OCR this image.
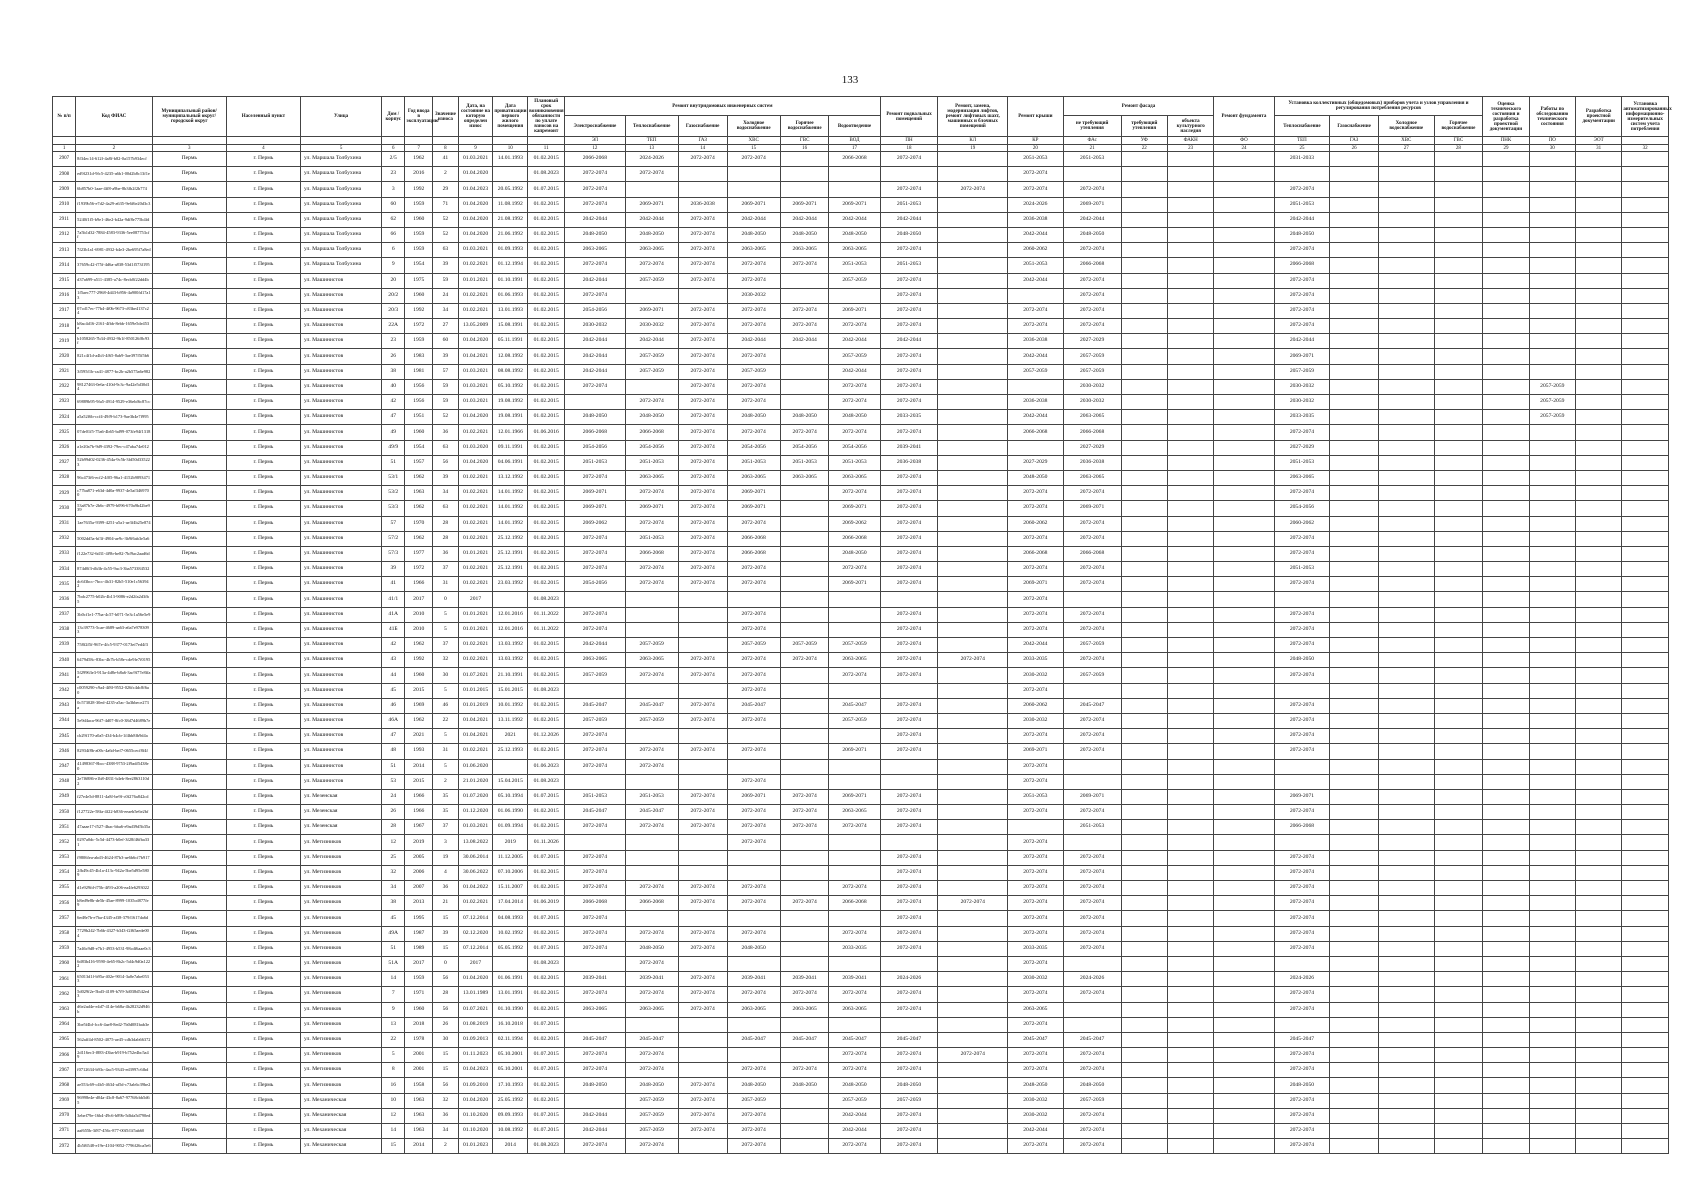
133
№ п/п	Код ФИАС	Муниципальный район/муниципальный округ/городской округ	Населенный пункт	Улица	Дом / корпус	Год ввода в эксплуатацию	Значение износа	Дата, на состояние на которую определен износ	Дата приватизации первого жилого помещения	Плановый срок возникновения обязанности по уплате взносов на капремонт	Ремонт внутридомовых инженерных систем						Ремонт подвальных помещений	Ремонт, замена, модернизация лифтов, ремонт лифтовых шахт, машинных и блочных помещений	Ремонт крыши	Ремонт фасада			Ремонт фундамента	Установка коллективных (общедомовых) приборов учета и узлов управления и регулирования потребления ресурсов				Оценка технического состояния и разработка проектной документации	Работы по обследованию технического состояния	Разработка проектной документации	Установка автоматизированных информационно-измерительных систем учета потребления
											Электроснабжение	Теплоснабжение	Газоснабжение	Холодное водоснабжение	Горячее водоснабжение	Водоотведение				не требующий утепления	требующий утепления	объекта культурного наследия		Теплоснабжение	Газоснабжение	Холодное водоснабжение	Горячее водоснабжение				

											ЭЛ	ТЕП	ГАЗ	ХВС	ГВС	ВОД	ПН	КЛ	КР	ФАс	УФ	ФАКН	ФО	ТЕП	ГАЗ	ХВС	ГВС	ПНК	ПО	ЭОТ	
1	2	3	4	5	6	7	8	9	10	11	12	13	14	15	16	17	18	19	20	21	22	23	24	25	26	27	28	29	30	31	32
2907	8f34ec14-612f-4a8f-b82-0a157b934ecf	Пермь	г. Пермь	ул. Маршала Толбухина	2/5	1962	41	01.03.2021	14.01.1993	01.02.2015	2066-2068	2024-2026	2072-2074	2072-2074		2066-2068	2072-2074		2051-2053	2051-2053				2031-2033							
2908	ed9f231d-9fc5-4235-a6b1-00d2b8c13f1e	Пермь	г. Пермь	ул. Маршала Толбухина	23	2016	2	01.04.2020		01.08.2023	2072-2074	2072-2074							2072-2074												
2909	6b857b0-1aae-4ff8-a9be-8b3fb2f2b774	Пермь	г. Пермь	ул. Маршала Толбухина	3	1992	29	01.04.2023	20.05.1992	01.07.2015	2072-2074						2072-2074	2072-2074	2072-2074	2072-2074				2072-2074							
2910	f1939b56-e7d2-4a29-a635-9e6f6e20d3c3	Пермь	г. Пермь	ул. Маршала Толбухина	60	1959	71	01.04.2020	11.08.1992	01.02.2015	2072-2074	2069-2071	2036-2038	2069-2071	2069-2071	2069-2071	2051-2053		2024-2026	2069-2071				2051-2053							
2911	5240f1f5-b9e1-46e2-b42a-9df8e775b4fd	Пермь	г. Пермь	ул. Маршала Толбухина	62	1960	52	01.04.2020	21.08.1992	01.02.2015	2042-2044	2042-2044	2072-2074	2042-2044	2042-2044	2042-2044	2042-2044		2036-2038	2042-2044				2042-2044							
2912	7a5b1d32-7884-4583-9336-5ee087753cff	Пермь	г. Пермь	ул. Маршала Толбухина	66	1959	52	01.04.2020	21.06.1992	01.02.2015	2048-2050	2048-2050	2072-2074	2048-2050	2048-2050	2048-2050	2048-2050		2042-2044	2048-2050				2048-2050							
2913	7f23b1a1-6981-4932-b4e3-2be695f7a8ed	Пермь	г. Пермь	ул. Маршала Толбухина	6	1959	63	01.03.2021	01.09.1993	01.02.2015	2063-2065	2063-2065	2072-2074	2063-2065	2063-2065	2063-2065	2072-2074		2060-2062	2072-2074				2072-2074							
2914	37659c42-f75f-4d6a-a838-53d1f573f195	Пермь	г. Пермь	ул. Маршала Толбухина	9	1954	39	01.02.2021	01.12.1994	01.02.2015	2072-2074	2072-2074	2072-2074	2072-2074	2072-2074	2051-2053	2051-2053		2051-2053	2066-2068				2066-2068							
2915	d37a699-a511-4385-a74c-8ecb0f22dd4b	Пермь	г. Пермь	ул. Машинистов	20	1975	59	01.01.2021	01.10.1991	01.02.2015	2042-2044	2057-2059	2072-2074	2072-2074		2057-2059	2072-2074		2042-2044	2072-2074				2072-2074							
2916	1f5aec777-2968-4d43-b956-4a900fd17a13	Пермь	г. Пермь	ул. Машинистов	20/2	1960	24	01.02.2021	01.06.1993	01.02.2015	2072-2074			2030-2032			2072-2074			2072-2074				2072-2074							
2917	07cd17ec-77b4-4f0b-9673-c83be4137c24	Пермь	г. Пермь	ул. Машинистов	20/3	1992	34	01.02.2021	13.01.1993	01.02.2015	2054-2056	2069-2071	2072-2074	2072-2074	2072-2074	2069-2071	2072-2074		2072-2074	2072-2074				2072-2074							
2918	b8ac4d16-2161-4fbb-8ebb-1659e5de453a	Пермь	г. Пермь	ул. Машинистов	22А	1972	27	13.05.2009	15.08.1991	01.02.2015	2030-2032	2030-2032	2072-2074	2072-2074	2072-2074	2072-2074	2072-2074		2072-2074	2072-2074				2072-2074							
2919	b1058265-7b34-4932-9b1f-850126f8c93f	Пермь	г. Пермь	ул. Машинистов	23	1959	60	01.04.2020	05.11.1991	01.02.2015	2042-2044	2042-2044	2072-2074	2042-2044	2042-2044	2042-2044	2042-2044		2036-2038	2027-2029				2042-2044							
2920	821c4f1d-a4b3-4f65-8ab9-3ae397f5f5b6	Пермь	г. Пермь	ул. Машинистов	26	1983	39	01.04.2021	12.08.1992	01.02.2015	2042-2044	2057-2059	2072-2074	2072-2074		2057-2059	2072-2074		2042-2044	2057-2059				2069-2071							
2921	3f595f1b-ca41-4877-bc2b-a2b575a6e982	Пермь	г. Пермь	ул. Машинистов	38	1981	57	01.03.2021	08.08.1992	01.02.2015	2042-2044	2057-2059	2072-2074	2057-2059		2042-2044	2072-2074		2057-2059	2057-2059				2057-2059							
2922	98127463-0e6a-410d-9c3c-9a42e5d30d14	Пермь	г. Пермь	ул. Машинистов	40	1956	59	01.03.2021	05.10.1992	01.02.2015	2072-2074		2072-2074	2072-2074		2072-2074	2072-2074			2030-2032				2030-2032					2057-2059		
2923	69889b95-9fa5-4914-9529-e36ebf6c87cc	Пермь	г. Пермь	ул. Машинистов	42	1956	59	01.03.2021	19.08.1992	01.02.2015		2072-2074	2072-2074	2072-2074		2072-2074	2072-2074		2036-2038	2030-2032				2030-2032					2057-2059		
2924	a5a52f6b-ccf4-49f9-b173-9ae3b4e7f995	Пермь	г. Пермь	ул. Машинистов	47	1951	52	01.04.2020	19.08.1991	01.02.2015	2048-2050	2048-2050	2072-2074	2048-2050	2048-2050	2048-2050	2033-2035		2042-2044	2063-2065				2033-2035					2057-2059		
2925	07de01f5-75a6-4b65-bd99-073fe94f1318	Пермь	г. Пермь	ул. Машинистов	49	1960	36	01.02.2021	12.01.1966	01.06.2016	2066-2068	2066-2068	2072-2074	2072-2074	2072-2074	2072-2074	2072-2074		2066-2068	2066-2068				2072-2074							
2926	a1e20a7b-9d9-4392-79ec-c47aba74e012	Пермь	г. Пермь	ул. Машинистов	49/9	1954	63	01.03.2020	09.11.1991	01.02.2015	2054-2056	2054-2056	2072-2074	2054-2056	2054-2056	2054-2056	2039-2041			2027-2029				2027-2029							
2927	52b99d02-0236-454a-9c5b-3fd50d335223	Пермь	г. Пермь	ул. Машинистов	51	1957	56	01.04.2020	04.06.1991	01.02.2015	2051-2053	2051-2053	2072-2074	2051-2053	2051-2053	2051-2053	2036-2038		2027-2029	2036-2038				2051-2053							
2928	96c473f6-ecf2-4f05-96a1-4152b9893471	Пермь	г. Пермь	ул. Машинистов	53/1	1962	39	01.02.2021	13.12.1992	01.02.2015	2072-2074	2063-2065	2072-2074	2063-2065	2063-2065	2063-2065	2072-2074		2048-2050	2063-2065				2063-2065							
2929	c77ba871-e63d-4d0a-9937-4e5af3469700	Пермь	г. Пермь	ул. Машинистов	53/2	1963	34	01.02.2021	14.01.1992	01.02.2015	2069-2071	2072-2074	2072-2074	2069-2071		2072-2074	2072-2074		2072-2074	2072-2074				2072-2074							
2930	53a87b7e-2b6c-4979-b096-670a9b42be939	Пермь	г. Пермь	ул. Машинистов	53/3	1962	63	01.02.2021	14.01.1992	01.02.2015	2069-2071	2069-2071	2072-2074	2069-2071		2069-2071	2072-2074		2072-2074	2069-2071				2054-2056							
2931	1ae7635a-9399-4251-a5a1-ae3f4b25e874	Пермь	г. Пермь	ул. Машинистов	57	1970	28	01.02.2021	14.01.1992	01.02.2015	2069-2062	2072-2074	2072-2074	2072-2074		2069-2062	2072-2074		2060-2062	2072-2074				2060-2062							
2932	5002dd5a-bf3f-4904-ae9c-3b9f6ab3e5a6	Пермь	г. Пермь	ул. Машинистов	57/2	1962	28	01.02.2021	25.12.1992	01.02.2015	2072-2074	2051-2053	2072-2074	2066-2068		2066-2068	2072-2074		2072-2074	2072-2074				2072-2074							
2933	f122e732-6d31-4f9b-be82-7bf9ac2aad6d	Пермь	г. Пермь	ул. Машинистов	57/3	1977	36	01.01.2021	25.12.1991	01.02.2015	2072-2074	2066-2068	2072-2074	2066-2068		2048-2050	2072-2074		2066-2068	2066-2068				2072-2074							
2934	874d0f3-db3b-4c55-9ac3-3ba573384532	Пермь	г. Пермь	ул. Машинистов	39	1972	37	01.02.2021	25.12.1991	01.02.2015	2072-2074	2072-2074	2072-2074	2072-2074		2072-2074	2072-2074		2072-2074	2072-2074				2051-2053							
2935	dc6f3bcc-7bcc-4b31-82b5-510e1c563942	Пермь	г. Пермь	ул. Машинистов	41	1966	31	01.02.2021	23.03.1992	01.02.2015	2054-2056	2072-2074	2072-2074	2072-2074		2069-2071	2072-2074		2069-2071	2072-2074				2072-2074							
2936	7bdc2775-b02b-4b13-9086-e2d2fa2d3fb5	Пермь	г. Пермь	ул. Машинистов	41/1	2017	0	2017		01.08.2023									2072-2074												
2937	3b0cf1e1-77ba-4c57-b071-5e3c1a56e5e9	Пермь	г. Пермь	ул. Машинистов	41А	2010	5	01.01.2021	12.01.2016	01.11.2022	2072-2074			2072-2074			2072-2074		2072-2074	2072-2074				2072-2074							
2938	13c39773-5cae-4689-aa63-a6a7e9783093	Пермь	г. Пермь	ул. Машинистов	41Б	2010	5	01.01.2021	12.01.2016	01.11.2022	2072-2074			2072-2074			2072-2074		2072-2074	2072-2074				2072-2074							
2939	758f2f5f-967e-4fc5-9377-0173ef7ed4f3	Пермь	г. Пермь	ул. Машинистов	42	1962	37	01.02.2021	13.03.1992	01.02.2015	2042-2044	2057-2059		2057-2059	2057-2059	2057-2059	2072-2074		2042-2044	2057-2059				2072-2074							
2940	6479d58c-83bc-4b7b-b58e-cde9fe7f0195	Пермь	г. Пермь	ул. Машинистов	43	1992	32	01.02.2021	13.03.1992	01.02.2015	2063-2065	2063-2065	2072-2074	2072-2074	2072-2074	2063-2065	2072-2074	2072-2074	2033-2035	2072-2074				2048-2050							
2941	5f29963e3-913a-4d8e-b8a6-3ac9f77e8ffaa	Пермь	г. Пермь	ул. Машинистов	44	1960	30	01.07.2021	21.10.1991	01.02.2015	2057-2059	2072-2074	2072-2074	2072-2074		2072-2074	2072-2074		2030-2032	2057-2059				2072-2074							
2942	c0059290-c9a4-4f8f-9552-026fc4dc8f6a0	Пермь	г. Пермь	ул. Машинистов	45	2015	5	01.01.2015	15.01.2015	01.08.2023				2072-2074					2072-2074												
2943	0c573028-30ed-4235-a5ac-3a3bbece273a	Пермь	г. Пермь	ул. Машинистов	46	1969	46	01.01.2019	10.01.1992	01.02.2015	2045-2047	2045-2047	2072-2074	2045-2047		2045-2047	2072-2074		2060-2062	2045-2047				2072-2074							
2944	5e9d4aca-96f7-4d07-8fc0-38d7d4689b7e	Пермь	г. Пермь	ул. Машинистов	46А	1962	22	01.04.2021	13.11.1992	01.02.2015	2057-2059	2057-2059	2072-2074	2072-2074		2057-2059	2072-2074		2030-2032	2072-2074				2072-2074							
2945	cb29f170-a0a5-434-b4cb-1f4bb8fb9d4a	Пермь	г. Пермь	ул. Машинистов	47	2021	5	01.04.2021	2021	01.12.2026	2072-2074						2072-2074		2072-2074	2072-2074				2072-2074							
2946	82934f8b-a00c-4a6d-bef7-0655cecf8f4f	Пермь	г. Пермь	ул. Машинистов	48	1993	31	01.02.2021	25.12.1993	01.02.2015	2072-2074	2072-2074	2072-2074	2072-2074		2069-2071	2072-2074		2069-2071	2072-2074				2072-2074							
2947	41498367-8bcc-4388-9753-2f9adf5438e0	Пермь	г. Пермь	ул. Машинистов	51	2014	5	01.06.2020		01.06.2023	2072-2074	2072-2074							2072-2074												
2948	2e7f6886-e1b8-4831-b4eb-8ee2863110d2	Пермь	г. Пермь	ул. Машинистов	53	2015	2	21.01.2020	15.04.2015	01.08.2023				2072-2074					2072-2074												
2949	f27e4e5d-8811-4a8f-be9f-c0f276a842cd	Пермь	г. Пермь	ул. Мезенская	24	1966	35	01.07.2020	05.10.1994	01.07.2015	2051-2053	2051-2053	2072-2074	2069-2071	2072-2074	2069-2071	2072-2074		2051-2053	2069-2071				2069-2071							
2950	f127722e-58fa-4f22-b836-eeaeb5e6e2bf	Пермь	г. Пермь	ул. Мезенская	26	1966	35	01.12.2020	01.06.1990	01.02.2015	2045-2047	2045-2047	2072-2074	2072-2074	2072-2074	2063-2065	2072-2074		2072-2074	2072-2074				2072-2074							
2951	47aaae17-f527-4bac-bba6-e9ad39d5b35a	Пермь	г. Пермь	ул. Мезенская	28	1967	37	01.03.2021	01.09.1994	01.02.2015	2072-2074	2072-2074	2072-2074	2072-2074	2072-2074	2072-2074	2072-2074			2051-2053				2066-2068							
2952	0297a0dc-5c5d-4473-b0ef-3f28f46fba331	Пермь	г. Пермь	ул. Метизников	12	2019	3	13.08.2022	2019	01.11.2026				2072-2074					2072-2074												
2953	f9806fea-abd3-4624-87b3-ae6b6cf7b917	Пермь	г. Пермь	ул. Метизников	25	2005	19	30.06.2014	11.12.2005	01.07.2015	2072-2074						2072-2074		2072-2074	2072-2074				2072-2074							
2954	2fb49c45-4b1a-413c-942a-5be5d95e5809	Пермь	г. Пермь	ул. Метизников	32	2006	4	30.06.2022	07.10.2006	01.02.2015	2072-2074						2072-2074		2072-2074	2072-2074				2072-2074							
2955	d1e929fd-f75b-4f93-a206-ea4fe6293022	Пермь	г. Пермь	ул. Метизников	34	2007	36	01.04.2022	15.11.2007	01.02.2015	2072-2074	2072-2074	2072-2074	2072-2074		2072-2074	2072-2074		2072-2074	2072-2074				2072-2074							
2956	b8ed9e8b-de5b-45ae-8999-1035cd877fe9	Пермь	г. Пермь	ул. Метизников	38	2013	21	01.02.2021	17.04.2014	01.06.2019	2066-2068	2066-2068	2072-2074	2072-2074	2072-2074	2066-2068	2072-2074	2072-2074	2072-2074	2072-2074				2072-2074							
2957	6ed8e7b-e7ba-4345-af38-379f1617da6d	Пермь	г. Пермь	ул. Метизников	45	1995	15	07.12.2014	04.08.1993	01.07.2015	2072-2074						2072-2074		2072-2074	2072-2074				2072-2074							
2958	7729b242-7b6b-4327-b343-f2f65aede004	Пермь	г. Пермь	ул. Метизников	49А	1987	39	02.12.2020	10.02.1992	01.02.2015	2072-2074	2072-2074	2072-2074	2072-2074		2072-2074	2072-2074		2072-2074	2072-2074				2072-2074							
2959	7a46c9d8-e7b1-4953-b531-98cdf6aae0c3	Пермь	г. Пермь	ул. Метизников	51	1989	15	07.12.2014	05.05.1992	01.07.2015	2072-2074	2048-2050	2072-2074	2048-2050		2033-2035	2072-2074		2033-2035	2072-2074				2072-2074							
2960	6d83b416-9590-4e65-8b2c-5d4c9d0a1222	Пермь	г. Пермь	ул. Метизников	51А	2017	0	2017		01.08.2023		2072-2074							2072-2074												
2961	65013d1f-b95a-402e-9014-3a0e7abe0533	Пермь	г. Пермь	ул. Метизников	14	1959	56	01.04.2020	01.06.1991	01.02.2015	2039-2041	2039-2041	2072-2074	2039-2041	2039-2041	2039-2041	2024-2026		2030-2032	2024-2026				2024-2026							
2962	5d029f2e-5bd3-4109-b7f9-3d038d542ed3	Пермь	г. Пермь	ул. Метизников	7	1971	28	13.01.1989	13.01.1991	01.02.2015	2072-2074	2072-2074	2072-2074	2072-2074	2072-2074	2072-2074	2072-2074		2072-2074	2072-2074				2072-2074							
2963	d6e2ad4e-e4d7-414e-b68a-4b28232d946b	Пермь	г. Пермь	ул. Метизников	9	1960	56	01.07.2021	01.10.1990	01.02.2015	2063-2065	2063-2065	2072-2074	2063-2065	2063-2065	2063-2065	2072-2074		2063-2065					2072-2074							
2964	3be5f4bf-fcc6-4ae8-8ed2-7b0d081bab3e	Пермь	г. Пермь	ул. Метизников	13	2018	26	01.08.2019	16.10.2018	01.07.2015									2072-2074												
2965	562aff4d-8502-4075-ae45-cdb3dab66372	Пермь	г. Пермь	ул. Метизников	22	1978	30	01.09.2013	02.11.1994	01.02.2015	2045-2047	2045-2047		2045-2047	2045-2047	2045-2047	2045-2047		2045-2047	2045-2047				2045-2047							
2966	2d116ec3-f883-43ba-b919-b752e4bc5a49	Пермь	г. Пермь	ул. Метизников	5	2001	15	01.11.2023	05.10.2001	01.07.2015	2072-2074	2072-2074				2072-2074	2072-2074	2072-2074	2072-2074	2072-2074				2072-2074							
2967	f0712634-b93c-4ac5-9343-ed3997c6fbd	Пермь	г. Пермь	ул. Метизников	8	2001	15	01.04.2023	05.10.2001	01.07.2015	2072-2074	2072-2074		2072-2074	2072-2074	2072-2074	2072-2074		2072-2074	2072-2074				2072-2074							
2968	ae553c69-c4b5-4634-af5d-c73ab6c39be2	Пермь	г. Пермь	ул. Метизников	16	1958	56	01.09.2010	17.10.1993	01.02.2015	2048-2050	2048-2050	2072-2074	2048-2050	2048-2050	2048-2050	2048-2050		2048-2050	2048-2050				2048-2050							
2969	96998e4e-d04a-43c8-8a67-97768cbb5d65	Пермь	г. Пермь	ул. Механическая	10	1963	32	01.04.2020	25.05.1992	01.02.2015		2057-2059	2072-2074	2057-2059		2057-2059	2057-2059		2030-2032	2057-2059				2072-2074							
2970	3ebef79e-16b4-49c6-b89b-5dbfa5d790ed	Пермь	г. Пермь	ул. Механическая	12	1963	36	01.10.2020	09.09.1993	01.07.2015	2042-2044	2057-2059	2072-2074	2072-2074		2042-2044	2072-2074		2030-2032	2072-2074				2072-2074							
2971	aaf655b-3f87-456c-877-00f5f1f5ab60	Пермь	г. Пермь	ул. Механическая	14	1963	34	01.10.2020	10.08.1992	01.07.2015	2042-2044	2057-2059	2072-2074	2072-2074		2042-2044	2072-2074		2042-2044	2072-2074				2072-2074							
2972	4b5f6548-e19e-4104-9052-7796f26ca5e6	Пермь	г. Пермь	ул. Механическая	15	2014	2	01.01.2023	2014	01.08.2023	2072-2074	2072-2074		2072-2074		2072-2074	2072-2074		2072-2074	2072-2074				2072-2074							
